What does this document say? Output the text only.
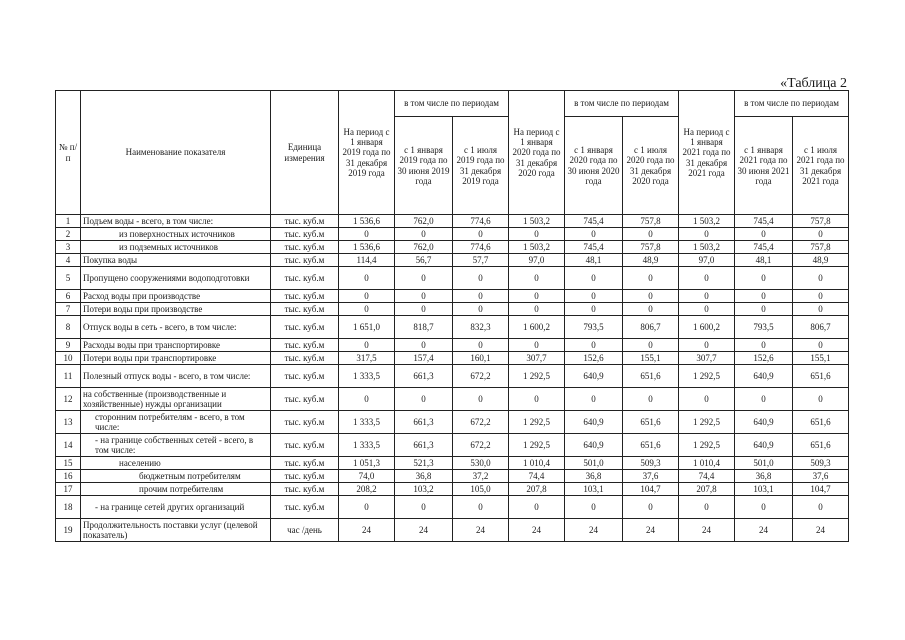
«Таблица 2
№ п/п	Наименование показателя	Единица измерения	На период с 1 января 2019 года по 31 декабря 2019 года	в том числе по периодам		На период с 1 января 2020 года по 31 декабря 2020 года	в том числе по периодам		На период с 1 января 2021 года по 31 декабря 2021 года	в том числе по периодам	
				с 1 января 2019 года по 30 июня 2019 года	с 1 июля 2019 года по 31 декабря 2019 года		с 1 января 2020 года по 30 июня 2020 года	с 1 июля 2020 года по 31 декабря 2020 года		с 1 января 2021 года по 30 июня 2021 года	с 1 июля 2021 года по 31 декабря 2021 года
1	Подъем воды - всего, в том числе:	тыс. куб.м	1 536,6	762,0	774,6	1 503,2	745,4	757,8	1 503,2	745,4	757,8
2	из поверхностных источников	тыс. куб.м	0	0	0	0	0	0	0	0	0
3	из подземных источников	тыс. куб.м	1 536,6	762,0	774,6	1 503,2	745,4	757,8	1 503,2	745,4	757,8
4	Покупка воды	тыс. куб.м	114,4	56,7	57,7	97,0	48,1	48,9	97,0	48,1	48,9
5	Пропущено сооружениями водоподготовки	тыс. куб.м	0	0	0	0	0	0	0	0	0
6	Расход воды при производстве	тыс. куб.м	0	0	0	0	0	0	0	0	0
7	Потери воды при производстве	тыс. куб.м	0	0	0	0	0	0	0	0	0
8	Отпуск воды в сеть - всего, в том числе:	тыс. куб.м	1 651,0	818,7	832,3	1 600,2	793,5	806,7	1 600,2	793,5	806,7
9	Расходы воды при транспортировке	тыс. куб.м	0	0	0	0	0	0	0	0	0
10	Потери воды при транспортировке	тыс. куб.м	317,5	157,4	160,1	307,7	152,6	155,1	307,7	152,6	155,1
11	Полезный отпуск воды - всего, в том числе:	тыс. куб.м	1 333,5	661,3	672,2	1 292,5	640,9	651,6	1 292,5	640,9	651,6
12	на собственные (производственные и хозяйственные) нужды организации	тыс. куб.м	0	0	0	0	0	0	0	0	0
13	сторонним потребителям - всего, в том числе:	тыс. куб.м	1 333,5	661,3	672,2	1 292,5	640,9	651,6	1 292,5	640,9	651,6
14	- на границе собственных сетей - всего, в том числе:	тыс. куб.м	1 333,5	661,3	672,2	1 292,5	640,9	651,6	1 292,5	640,9	651,6
15	населению	тыс. куб.м	1 051,3	521,3	530,0	1 010,4	501,0	509,3	1 010,4	501,0	509,3
16	бюджетным потребителям	тыс. куб.м	74,0	36,8	37,2	74,4	36,8	37,6	74,4	36,8	37,6
17	прочим потребителям	тыс. куб.м	208,2	103,2	105,0	207,8	103,1	104,7	207,8	103,1	104,7
18	- на границе сетей других организаций	тыс. куб.м	0	0	0	0	0	0	0	0	0
19	Продолжительность поставки услуг (целевой показатель)	час /день	24	24	24	24	24	24	24	24	24
